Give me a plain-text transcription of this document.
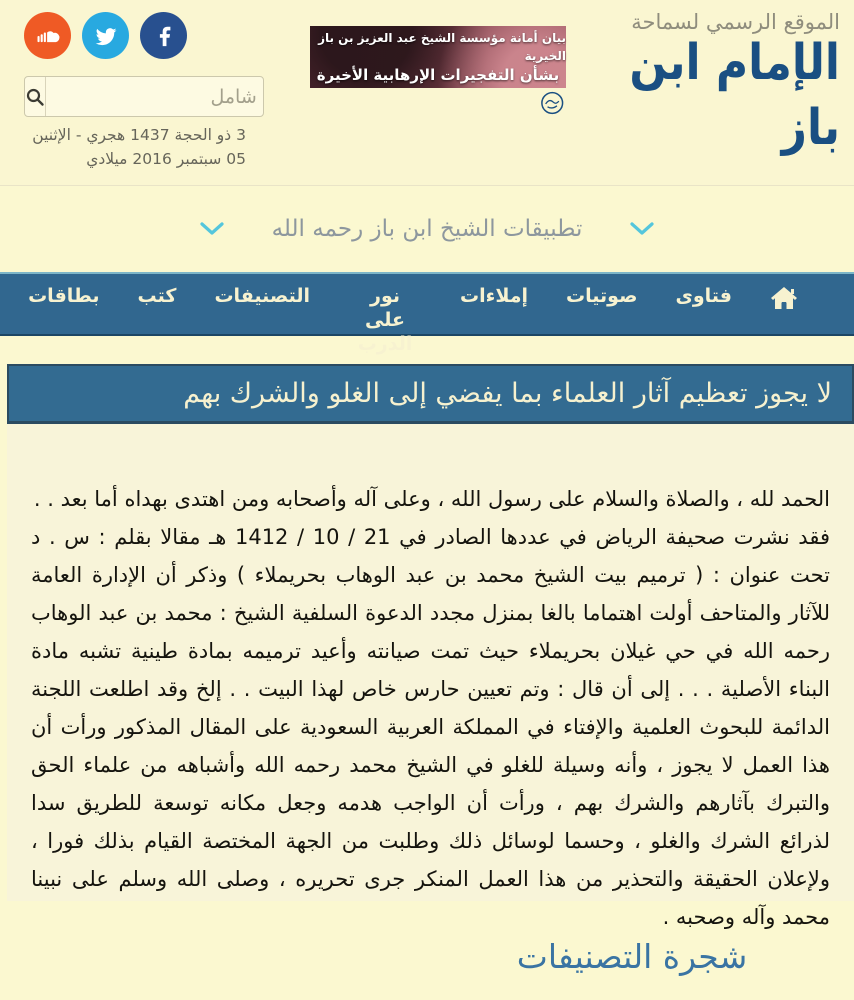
الموقع الرسمي لسماحة
الإمام ابن باز
بيان أمانة مؤسسة الشيخ عبد العزيز بن باز الخيرية
بشأن التفجيرات الإرهابية الأخيرة
بحث شامل
3 ذو الحجة 1437 هجري - الإثنين 05 سبتمبر 2016 ميلادي
تطبيقات الشيخ ابن باز رحمه الله
فتاوى
صوتيات
إملاءات
نور على الدرب
التصنيفات
كتب
بطاقات
لا يجوز تعظيم آثار العلماء بما يفضي إلى الغلو والشرك بهم

الحمد لله ، والصلاة والسلام على رسول الله ، وعلى آله وأصحابه ومن اهتدى بهداه أما بعد . .

فقد نشرت صحيفة الرياض في عددها الصادر في 21 / 10 / 1412 هـ مقالا بقلم : س . د تحت عنوان : ( ترميم بيت الشيخ محمد بن عبد الوهاب بحريملاء ) وذكر أن الإدارة العامة للآثار والمتاحف أولت اهتماما بالغا بمنزل مجدد الدعوة السلفية الشيخ : محمد بن عبد الوهاب رحمه الله في حي غيلان بحريملاء حيث تمت صيانته وأعيد ترميمه بمادة طينية تشبه مادة البناء الأصلية . . . إلى أن قال : وتم تعيين حارس خاص لهذا البيت . . إلخ وقد اطلعت اللجنة الدائمة للبحوث العلمية والإفتاء في المملكة العربية السعودية على المقال المذكور ورأت أن هذا العمل لا يجوز ، وأنه وسيلة للغلو في الشيخ محمد رحمه الله وأشباهه من علماء الحق والتبرك بآثارهم والشرك بهم ، ورأت أن الواجب هدمه وجعل مكانه توسعة للطريق سدا لذرائع الشرك والغلو ، وحسما لوسائل ذلك وطلبت من الجهة المختصة القيام بذلك فورا ، ولإعلان الحقيقة والتحذير من هذا العمل المنكر جرى تحريره ، وصلى الله وسلم على نبينا محمد وآله وصحبه .

شجرة التصنيفات
